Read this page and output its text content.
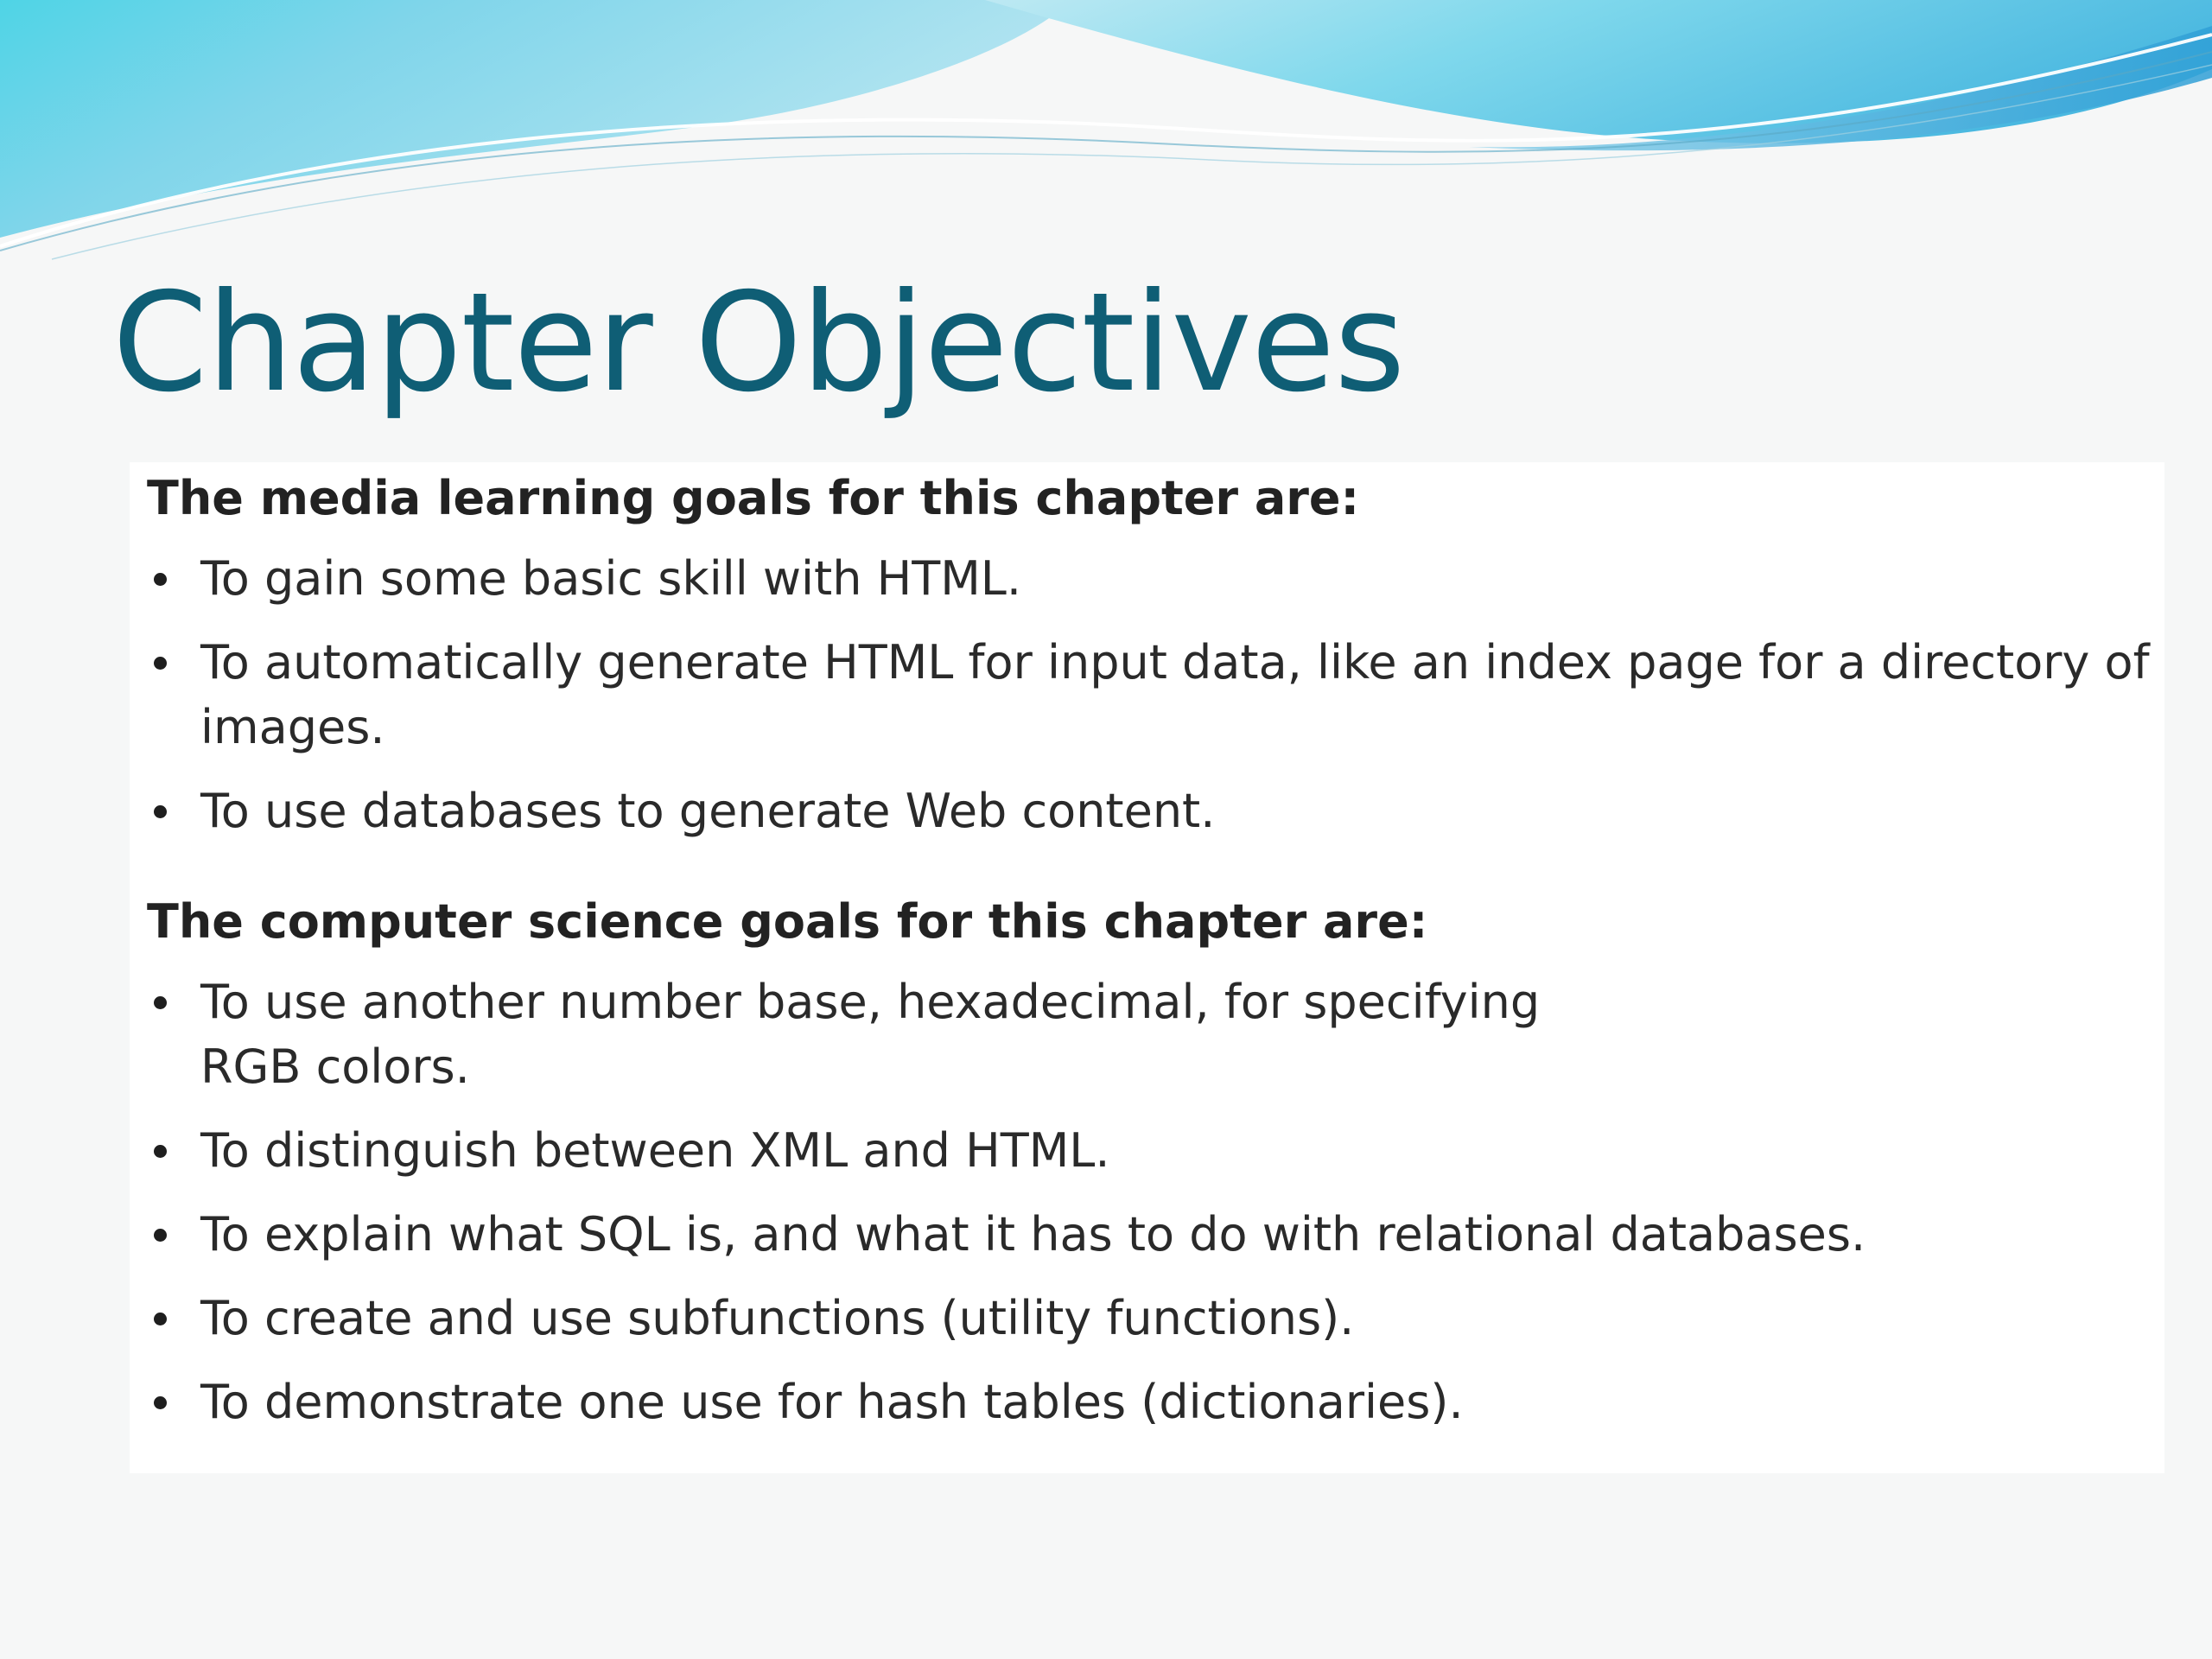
Chapter Objectives

The media learning goals for this chapter are:

To gain some basic skill with HTML.
To automatically generate HTML for input data, like an index page for a directory of images.
To use databases to generate Web content.

The computer science goals for this chapter are:

To use another number base, hexadecimal, for specifying RGB colors.
To distinguish between XML and HTML.
To explain what SQL is, and what it has to do with relational databases.
To create and use subfunctions (utility functions).
To demonstrate one use for hash tables (dictionaries).
